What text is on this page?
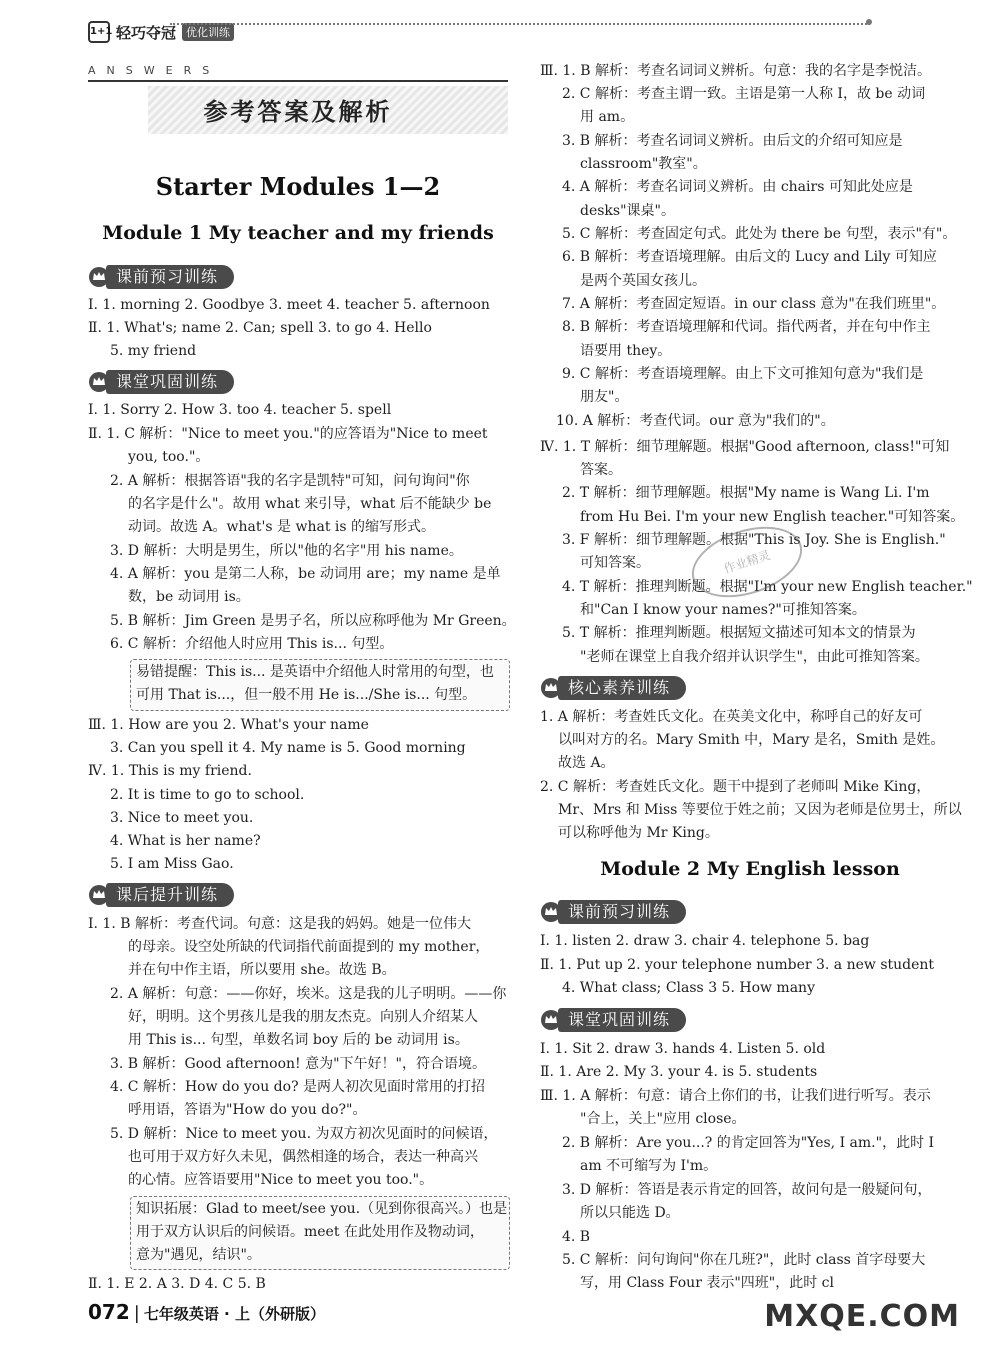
1+1 轻巧夺冠 优化训练
ANSWERS
参考答案及解析
Starter Modules 1—2
Module 1 My teacher and my friends
课前预习训练
Ⅰ. 1. morning 2. Goodbye 3. meet 4. teacher 5. afternoon
Ⅱ. 1. What's; name 2. Can; spell 3. to go 4. Hello
5. my friend
课堂巩固训练
Ⅰ. 1. Sorry 2. How 3. too 4. teacher 5. spell
Ⅱ. 1. C 解析："Nice to meet you."的应答语为"Nice to meet
you, too."。
2. A 解析：根据答语"我的名字是凯特"可知，问句询问"你
的名字是什么"。故用 what 来引导，what 后不能缺少 be
动词。故选 A。what's 是 what is 的缩写形式。
3. D 解析：大明是男生，所以"他的名字"用 his name。
4. A 解析：you 是第二人称，be 动词用 are；my name 是单
数，be 动词用 is。
5. B 解析：Jim Green 是男子名，所以应称呼他为 Mr Green。
6. C 解析：介绍他人时应用 This is... 句型。
易错提醒：This is... 是英语中介绍他人时常用的句型，也
可用 That is...，但一般不用 He is.../She is... 句型。
Ⅲ. 1. How are you 2. What's your name
3. Can you spell it 4. My name is 5. Good morning
Ⅳ. 1. This is my friend.
2. It is time to go to school.
3. Nice to meet you.
4. What is her name?
5. I am Miss Gao.
课后提升训练
Ⅰ. 1. B 解析：考查代词。句意：这是我的妈妈。她是一位伟大
的母亲。设空处所缺的代词指代前面提到的 my mother，
并在句中作主语，所以要用 she。故选 B。
2. A 解析：句意：——你好，埃米。这是我的儿子明明。——你
好，明明。这个男孩儿是我的朋友杰克。向别人介绍某人
用 This is... 句型，单数名词 boy 后的 be 动词用 is。
3. B 解析：Good afternoon! 意为"下午好！"，符合语境。
4. C 解析：How do you do? 是两人初次见面时常用的打招
呼用语，答语为"How do you do?"。
5. D 解析：Nice to meet you. 为双方初次见面时的问候语，
也可用于双方好久未见，偶然相逢的场合，表达一种高兴
的心情。应答语要用"Nice to meet you too."。
知识拓展：Glad to meet/see you.（见到你很高兴。）也是
用于双方认识后的问候语。meet 在此处用作及物动词，
意为"遇见，结识"。
Ⅱ. 1. E 2. A 3. D 4. C 5. B
Ⅲ. 1. B 解析：考查名词词义辨析。句意：我的名字是李悦洁。
2. C 解析：考查主谓一致。主语是第一人称 I，故 be 动词
用 am。
3. B 解析：考查名词词义辨析。由后文的介绍可知应是
classroom"教室"。
4. A 解析：考查名词词义辨析。由 chairs 可知此处应是
desks"课桌"。
5. C 解析：考查固定句式。此处为 there be 句型，表示"有"。
6. B 解析：考查语境理解。由后文的 Lucy and Lily 可知应
是两个英国女孩儿。
7. A 解析：考查固定短语。in our class 意为"在我们班里"。
8. B 解析：考查语境理解和代词。指代两者，并在句中作主
语要用 they。
9. C 解析：考查语境理解。由上下文可推知句意为"我们是
朋友"。
10. A 解析：考查代词。our 意为"我们的"。
Ⅳ. 1. T 解析：细节理解题。根据"Good afternoon, class!"可知
答案。
2. T 解析：细节理解题。根据"My name is Wang Li. I'm
from Hu Bei. I'm your new English teacher."可知答案。
3. F 解析：细节理解题。根据"This is Joy. She is English."
可知答案。
4. T 解析：推理判断题。根据"I'm your new English teacher."
和"Can I know your names?"可推知答案。
5. T 解析：推理判断题。根据短文描述可知本文的情景为
"老师在课堂上自我介绍并认识学生"，由此可推知答案。
核心素养训练
1. A 解析：考查姓氏文化。在英美文化中，称呼自己的好友可
以叫对方的名。Mary Smith 中，Mary 是名，Smith 是姓。
故选 A。
2. C 解析：考查姓氏文化。题干中提到了老师叫 Mike King，
Mr、Mrs 和 Miss 等要位于姓之前；又因为老师是位男士，所以
可以称呼他为 Mr King。
Module 2 My English lesson
课前预习训练
Ⅰ. 1. listen 2. draw 3. chair 4. telephone 5. bag
Ⅱ. 1. Put up 2. your telephone number 3. a new student
4. What class; Class 3 5. How many
课堂巩固训练
Ⅰ. 1. Sit 2. draw 3. hands 4. Listen 5. old
Ⅱ. 1. Are 2. My 3. your 4. is 5. students
Ⅲ. 1. A 解析：句意：请合上你们的书，让我们进行听写。表示
"合上，关上"应用 close。
2. B 解析：Are you...? 的肯定回答为"Yes, I am."，此时 I
am 不可缩写为 I'm。
3. D 解析：答语是表示肯定的回答，故问句是一般疑问句，
所以只能选 D。
4. B
5. C 解析：问句询问"你在几班?"，此时 class 首字母要大
写，用 Class Four 表示"四班"，此时 cl
作业精灵
072 | 七年级英语 · 上（外研版）	MXQE.COM
